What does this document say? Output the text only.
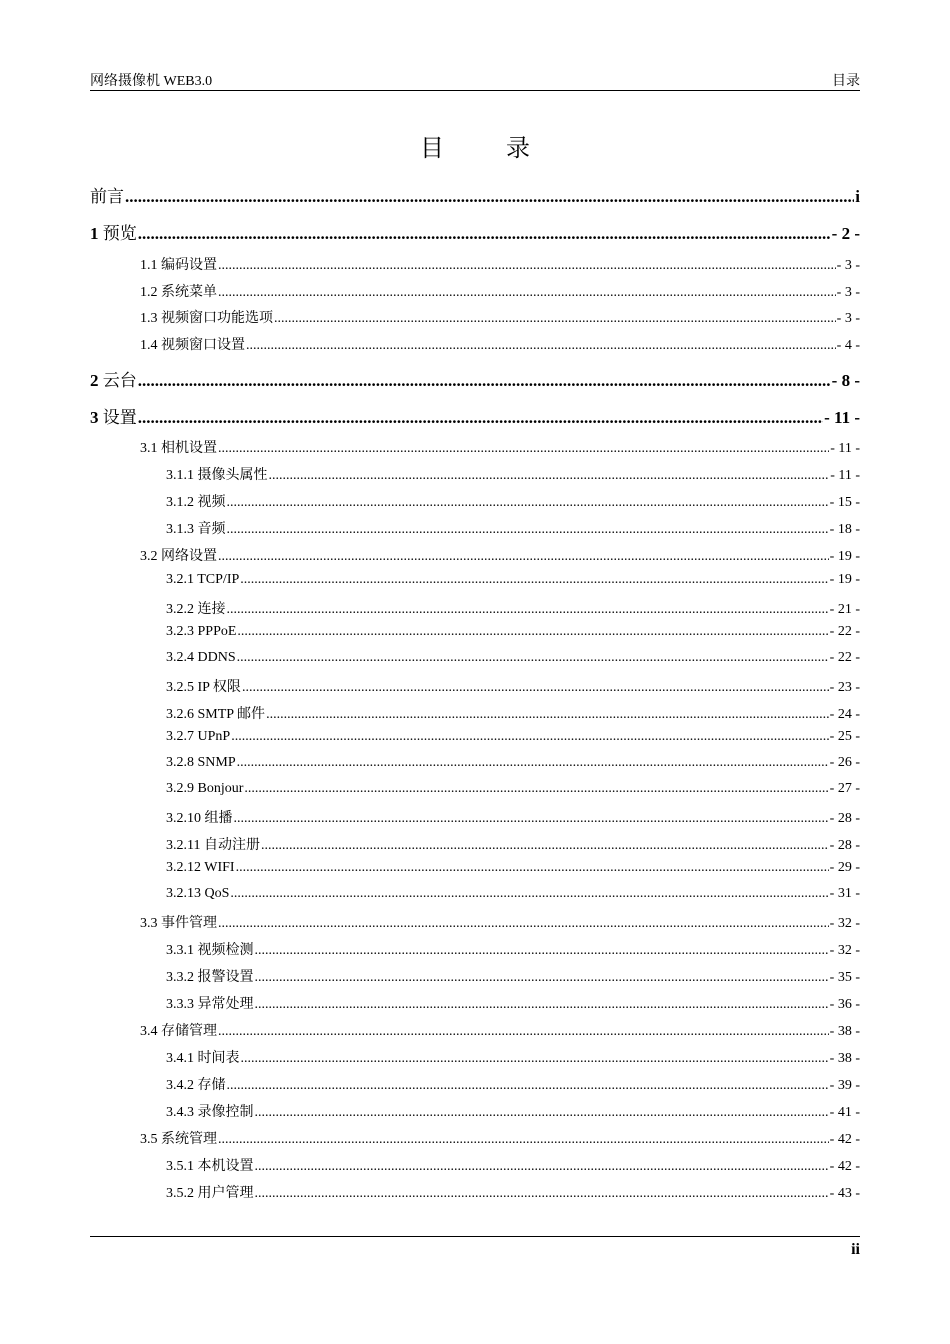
网络摄像机 WEB3.0	目录
目 录
前言 .....	i
1 预览 .....	- 2 -
1.1 编码设置 .....	- 3 -
1.2 系统菜单 .....	- 3 -
1.3 视频窗口功能选项 .....	- 3 -
1.4 视频窗口设置 .....	- 4 -
2 云台 .....	- 8 -
3 设置 .....	- 11 -
3.1 相机设置 .....	- 11 -
3.1.1 摄像头属性 .....	- 11 -
3.1.2 视频 .....	- 15 -
3.1.3 音频 .....	- 18 -
3.2 网络设置 .....	- 19 -
3.2.1 TCP/IP .....	- 19 -
3.2.2 连接 .....	- 21 -
3.2.3 PPPoE .....	- 22 -
3.2.4 DDNS .....	- 22 -
3.2.5 IP 权限 .....	- 23 -
3.2.6 SMTP 邮件 .....	- 24 -
3.2.7 UPnP .....	- 25 -
3.2.8 SNMP .....	- 26 -
3.2.9 Bonjour .....	- 27 -
3.2.10 组播 .....	- 28 -
3.2.11 自动注册 .....	- 28 -
3.2.12 WIFI .....	- 29 -
3.2.13 QoS .....	- 31 -
3.3 事件管理 .....	- 32 -
3.3.1 视频检测 .....	- 32 -
3.3.2 报警设置 .....	- 35 -
3.3.3 异常处理 .....	- 36 -
3.4 存储管理 .....	- 38 -
3.4.1 时间表 .....	- 38 -
3.4.2 存储 .....	- 39 -
3.4.3 录像控制 .....	- 41 -
3.5 系统管理 .....	- 42 -
3.5.1 本机设置 .....	- 42 -
3.5.2 用户管理 .....	- 43 -
ii
